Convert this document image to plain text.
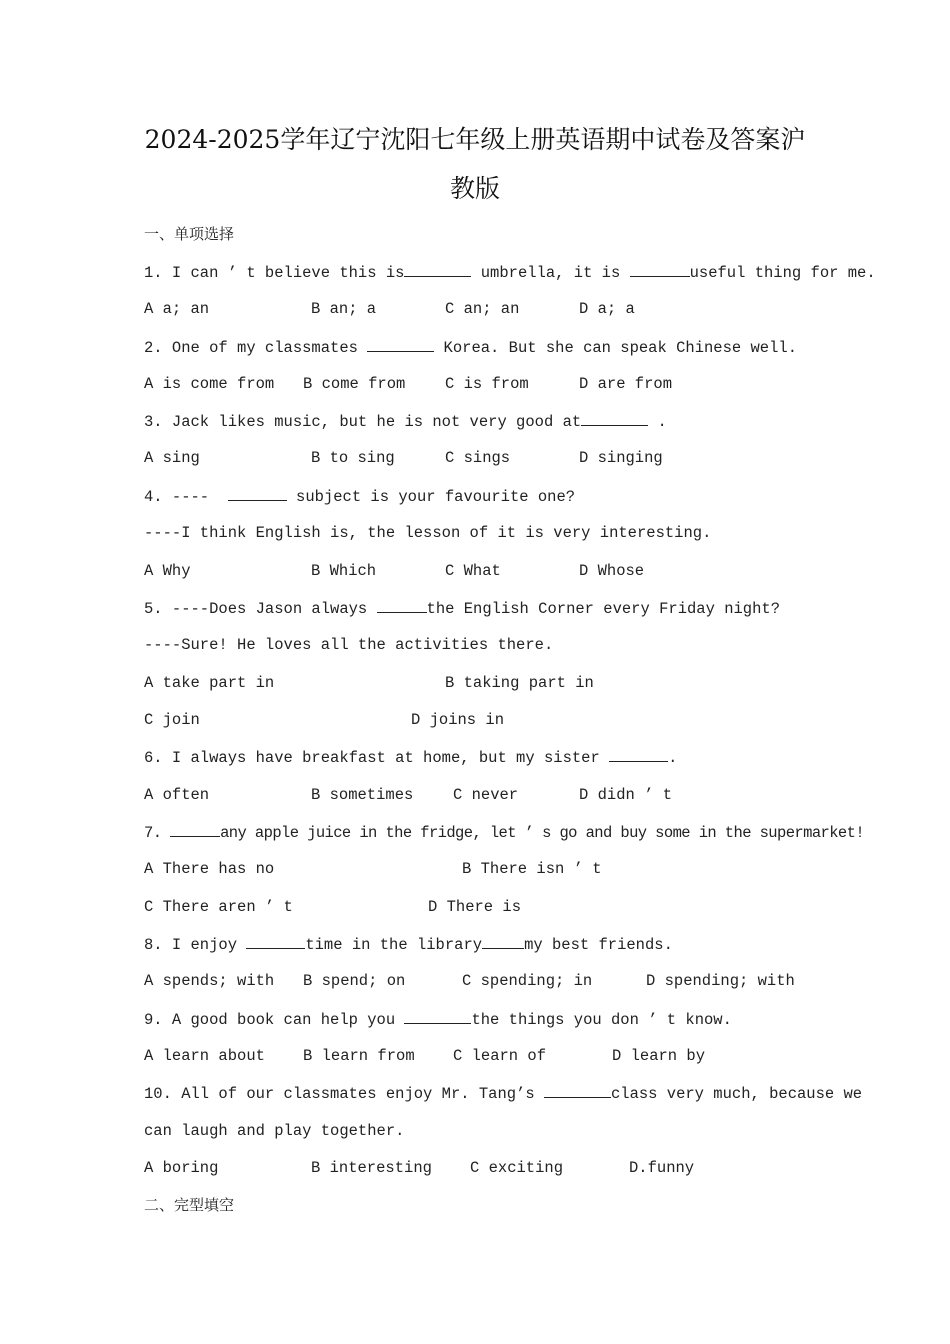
2024-2025学年辽宁沈阳七年级上册英语期中试卷及答案沪
教版
一、单项选择
1. I can ’ t believe this is	umbrella, it is	useful thing for me.
A a; an	B an; a	C an; an	D a; a
2. One of my classmates	Korea. But she can speak Chinese well.
A is come from B come from	C is from	D are from
3. Jack likes music, but he is not very good at	.
A sing	B to sing	C sings	D singing
4. ----	subject is your favourite one?
----I think English is, the lesson of it is very interesting.
A Why	B Which	C What	D Whose
5. ----Does Jason always	the English Corner every Friday night?
----Sure! He loves all the activities there.
A take part in	B taking part in
C join	D joins in
6. I always have breakfast at home, but my sister	.
A often	B sometimes	C never	D didn ’ t
7.	any apple juice in the fridge, let ’ s go and buy some in the supermarket!
A There has no	B There isn ’ t
C There aren ’ t	D There is
8. I enjoy	time in the library	my best friends.
A spends; with B spend; on	C spending; in	D spending; with
9. A good book can help you	the things you don ’ t know.
A learn about B learn from C learn of	D learn by
10. All of our classmates enjoy Mr. Tang’s	class very much, because we
can laugh and play together.
A boring	B interesting C exciting	D.funny
二、完型填空
